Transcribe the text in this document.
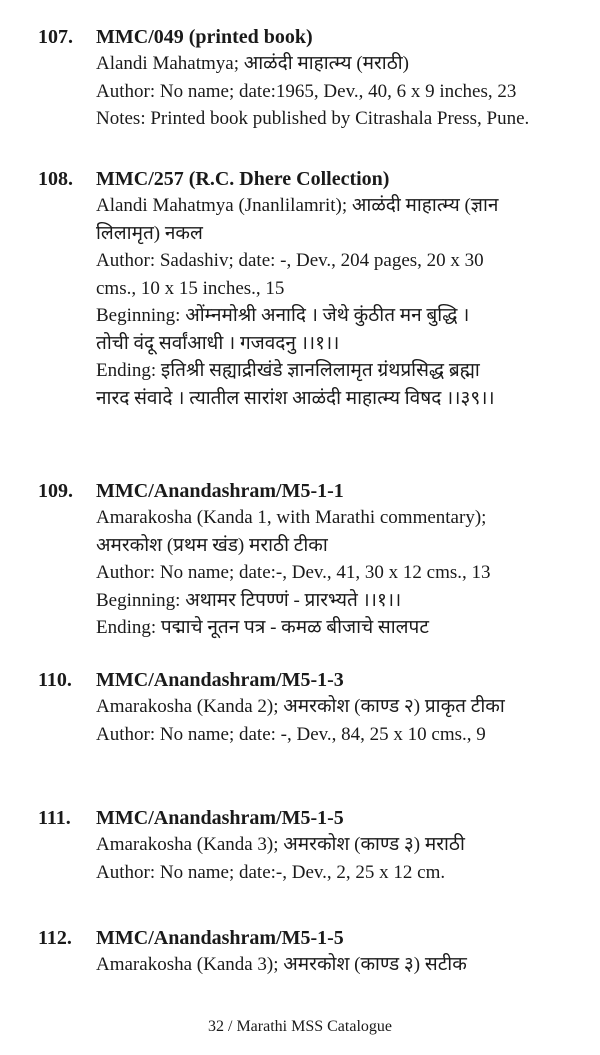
107.	MMC/049 (printed book)
Alandi Mahatmya; आळंदी माहात्म्य (मराठी)
Author: No name; date:1965, Dev., 40, 6 x 9 inches, 23
Notes: Printed book published by Citrashala Press, Pune.
108.	MMC/257 (R.C. Dhere Collection)
Alandi Mahatmya (Jnanlilamrit); आळंदी माहात्म्य (ज्ञान
लिलामृत) नकल
Author: Sadashiv; date: -, Dev., 204 pages, 20 x 30
cms., 10 x 15 inches., 15
Beginning: ओंम्नमोश्री अनादि । जेथे कुंठीत मन बुद्धि ।
तोची वंदू सर्वांआधी । गजवदनु ।।१।।
Ending: इतिश्री सह्याद्रीखंडे ज्ञानलिलामृत ग्रंथप्रसिद्ध ब्रह्मा
नारद संवादे । त्यातील सारांश आळंदी माहात्म्य विषद ।।३९।।
109.	MMC/Anandashram/M5-1-1
Amarakosha (Kanda 1, with Marathi commentary);
अमरकोश (प्रथम खंड) मराठी टीका
Author: No name; date:-, Dev., 41, 30 x 12 cms., 13
Beginning: अथामर टिपण्णं - प्रारभ्यते ।।१।।
Ending: पद्माचे नूतन पत्र - कमळ बीजाचे सालपट
110.	MMC/Anandashram/M5-1-3
Amarakosha (Kanda 2); अमरकोश (काण्ड २) प्राकृत टीका
Author: No name; date: -, Dev., 84, 25 x 10 cms., 9
111.	MMC/Anandashram/M5-1-5
Amarakosha (Kanda 3); अमरकोश (काण्ड ३) मराठी
Author: No name; date:-, Dev., 2, 25 x 12 cm.
112.	MMC/Anandashram/M5-1-5
Amarakosha (Kanda 3); अमरकोश (काण्ड ३) सटीक
32 / Marathi MSS Catalogue
